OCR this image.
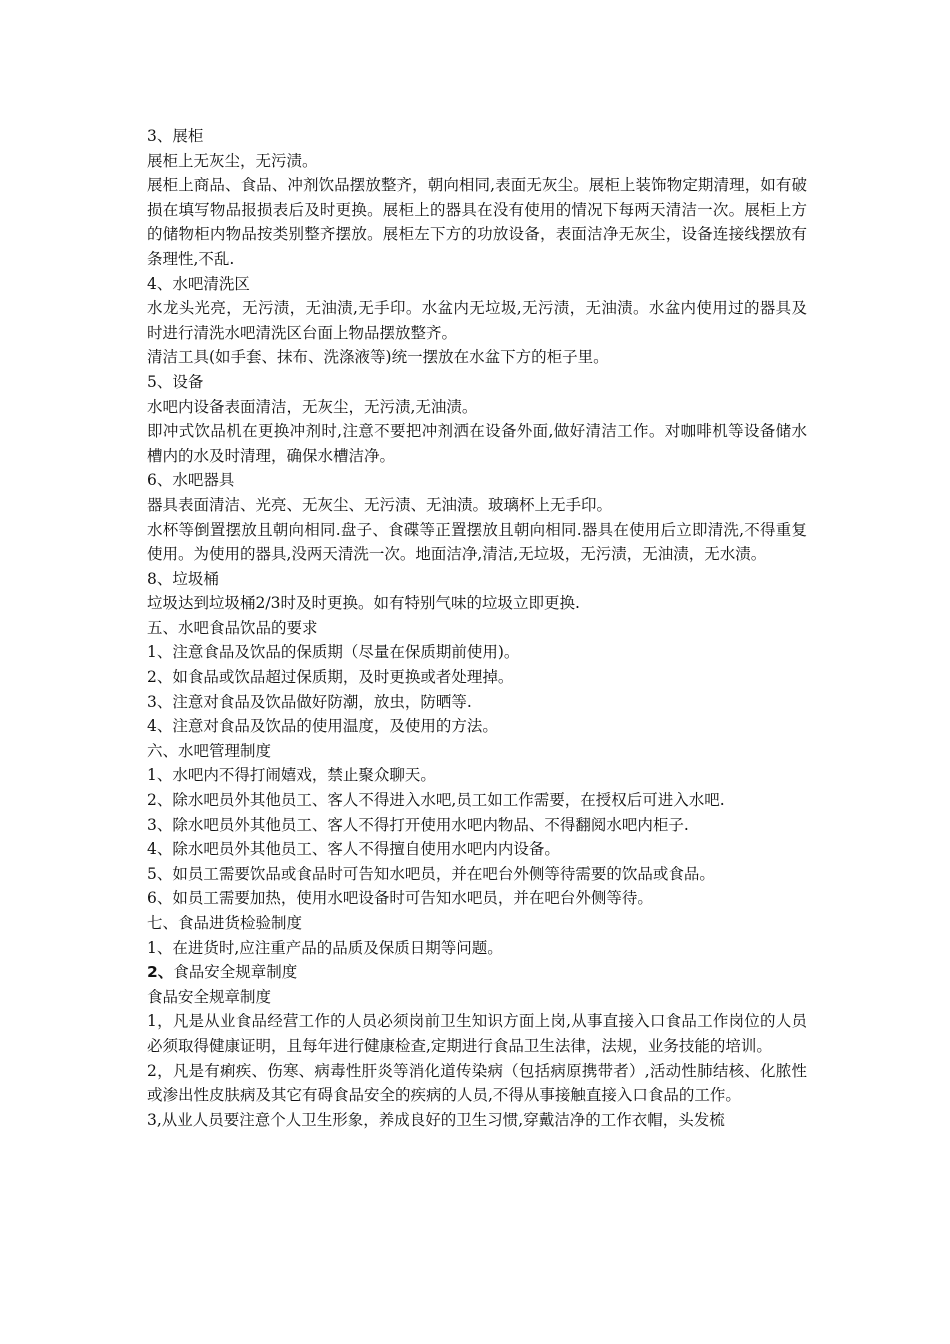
3、展柜

展柜上无灰尘，无污渍。

展柜上商品、食品、冲剂饮品摆放整齐，朝向相同,表面无灰尘。展柜上装饰物定期清理，如有破损在填写物品报损表后及时更换。展柜上的器具在没有使用的情况下每两天清洁一次。展柜上方的储物柜内物品按类别整齐摆放。展柜左下方的功放设备，表面洁净无灰尘，设备连接线摆放有条理性,不乱.

4、水吧清洗区

水龙头光亮，无污渍，无油渍,无手印。水盆内无垃圾,无污渍，无油渍。水盆内使用过的器具及时进行清洗水吧清洗区台面上物品摆放整齐。

清洁工具(如手套、抹布、洗涤液等)统一摆放在水盆下方的柜子里。

5、设备

水吧内设备表面清洁，无灰尘，无污渍,无油渍。

即冲式饮品机在更换冲剂时,注意不要把冲剂洒在设备外面,做好清洁工作。对咖啡机等设备储水槽内的水及时清理，确保水槽洁净。

6、水吧器具

器具表面清洁、光亮、无灰尘、无污渍、无油渍。玻璃杯上无手印。

水杯等倒置摆放且朝向相同.盘子、食碟等正置摆放且朝向相同.器具在使用后立即清洗,不得重复使用。为使用的器具,没两天清洗一次。地面洁净,清洁,无垃圾，无污渍，无油渍，无水渍。

8、垃圾桶

垃圾达到垃圾桶2/3时及时更换。如有特别气味的垃圾立即更换.

五、水吧食品饮品的要求

1、注意食品及饮品的保质期（尽量在保质期前使用)。

2、如食品或饮品超过保质期，及时更换或者处理掉。

3、注意对食品及饮品做好防潮，放虫，防晒等.

4、注意对食品及饮品的使用温度，及使用的方法。

六、水吧管理制度

1、水吧内不得打闹嬉戏，禁止聚众聊天。

2、除水吧员外其他员工、客人不得进入水吧,员工如工作需要，在授权后可进入水吧.

3、除水吧员外其他员工、客人不得打开使用水吧内物品、不得翻阅水吧内柜子.

4、除水吧员外其他员工、客人不得擅自使用水吧内内设备。

5、如员工需要饮品或食品时可告知水吧员，并在吧台外侧等待需要的饮品或食品。

6、如员工需要加热，使用水吧设备时可告知水吧员，并在吧台外侧等待。

七、食品进货检验制度

1、在进货时,应注重产品的品质及保质日期等问题。

2、食品安全规章制度

食品安全规章制度

1，凡是从业食品经营工作的人员必须岗前卫生知识方面上岗,从事直接入口食品工作岗位的人员必须取得健康证明，且每年进行健康检查,定期进行食品卫生法律，法规，业务技能的培训。

2，凡是有痢疾、伤寒、病毒性肝炎等消化道传染病（包括病原携带者）,活动性肺结核、化脓性或渗出性皮肤病及其它有碍食品安全的疾病的人员,不得从事接触直接入口食品的工作。

3,从业人员要注意个人卫生形象，养成良好的卫生习惯,穿戴洁净的工作衣帽，头发梳
